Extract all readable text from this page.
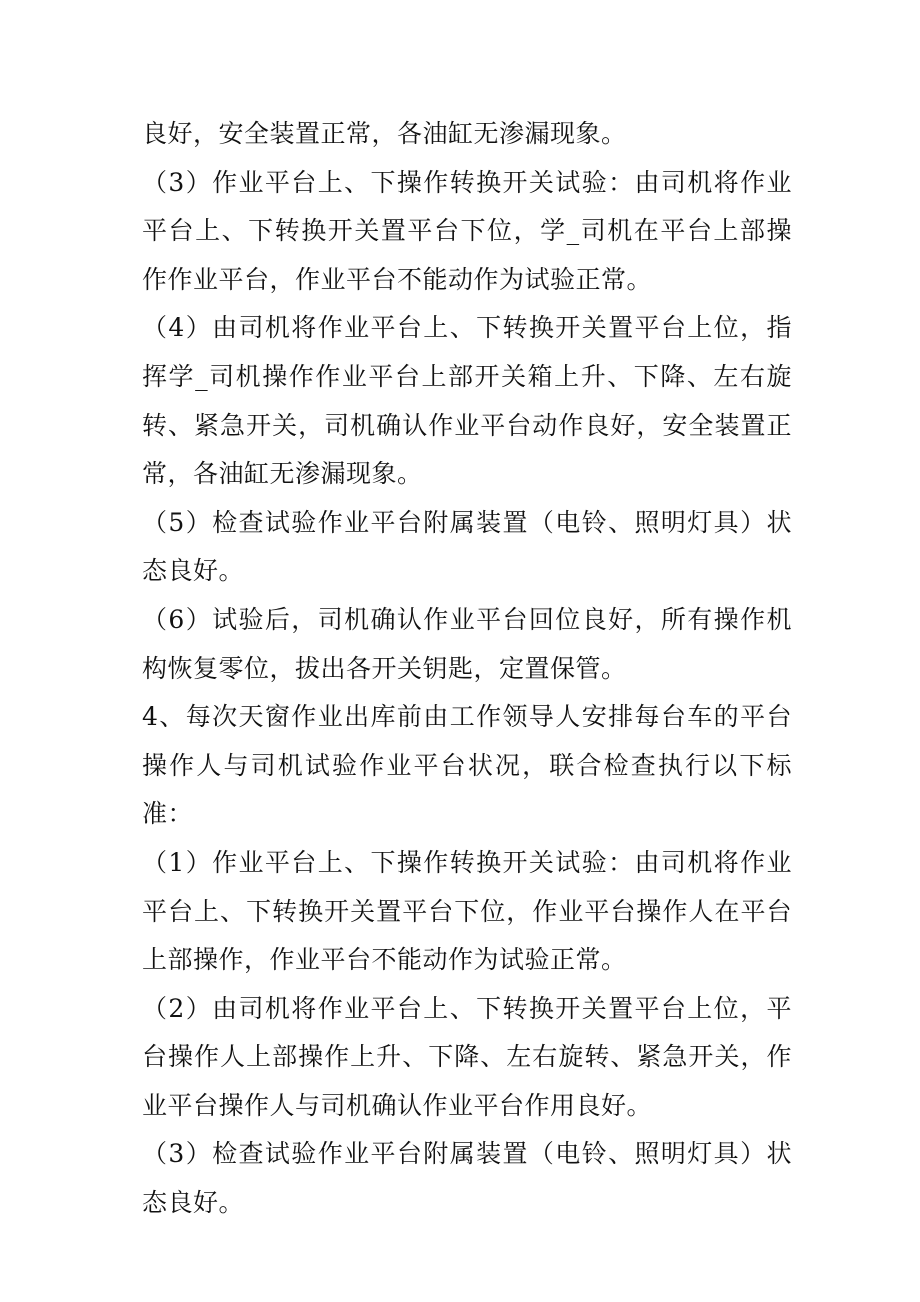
良好，安全装置正常，各油缸无渗漏现象。

（3）作业平台上、下操作转换开关试验：由司机将作业平台上、下转换开关置平台下位，学_司机在平台上部操作作业平台，作业平台不能动作为试验正常。

（4）由司机将作业平台上、下转换开关置平台上位，指挥学_司机操作作业平台上部开关箱上升、下降、左右旋转、紧急开关，司机确认作业平台动作良好，安全装置正常，各油缸无渗漏现象。

（5）检查试验作业平台附属装置（电铃、照明灯具）状态良好。

（6）试验后，司机确认作业平台回位良好，所有操作机构恢复零位，拔出各开关钥匙，定置保管。

4、每次天窗作业出库前由工作领导人安排每台车的平台操作人与司机试验作业平台状况，联合检查执行以下标准：

（1）作业平台上、下操作转换开关试验：由司机将作业平台上、下转换开关置平台下位，作业平台操作人在平台上部操作，作业平台不能动作为试验正常。

（2）由司机将作业平台上、下转换开关置平台上位，平台操作人上部操作上升、下降、左右旋转、紧急开关，作业平台操作人与司机确认作业平台作用良好。

（3）检查试验作业平台附属装置（电铃、照明灯具）状态良好。
